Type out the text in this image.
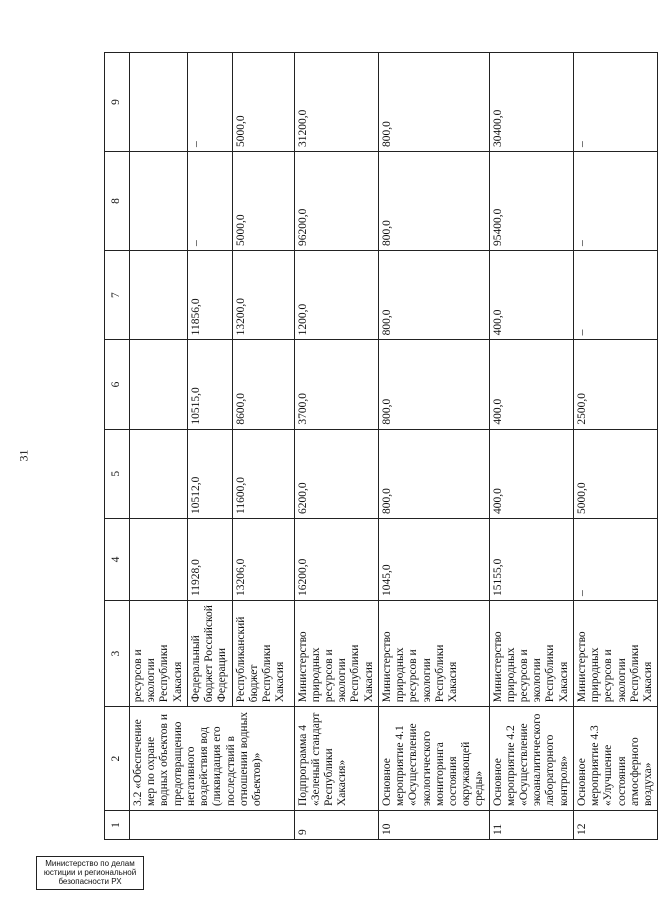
31
1	2	3	4	5	6	7	8	9
	3.2 «Обеспечение мер по охране водных объектов и предотвращению негативного воздействия вод (ликвидация его последствий в отношении водных объектов)»	ресурсов и экологии Республики Хакасия						
		Федеральный бюджет Российской Федерации	11928,0	10512,0	10515,0	11856,0	–	–
		Республиканский бюджет Республики Хакасия	13206,0	11600,0	8600,0	13200,0	5000,0	5000,0
9	Подпрограмма 4 «Зеленый стандарт Республики Хакасия»	Министерство природных ресурсов и экологии Республики Хакасия	16200,0	6200,0	3700,0	1200,0	96200,0	31200,0
10	Основное мероприятие 4.1 «Осуществление экологического мониторинга состояния окружающей среды»	Министерство природных ресурсов и экологии Республики Хакасия	1045,0	800,0	800,0	800,0	800,0	800,0
11	Основное мероприятие 4.2 «Осуществление экоаналитического лабораторного контроля»	Министерство природных ресурсов и экологии Республики Хакасия	15155,0	400,0	400,0	400,0	95400,0	30400,0
12	Основное мероприятие 4.3 «Улучшение состояния атмосферного воздуха»	Министерство природных ресурсов и экологии Республики Хакасия	–	5000,0	2500,0	–	–	–
Министерство по делам
юстиции и региональной
безопасности РХ
